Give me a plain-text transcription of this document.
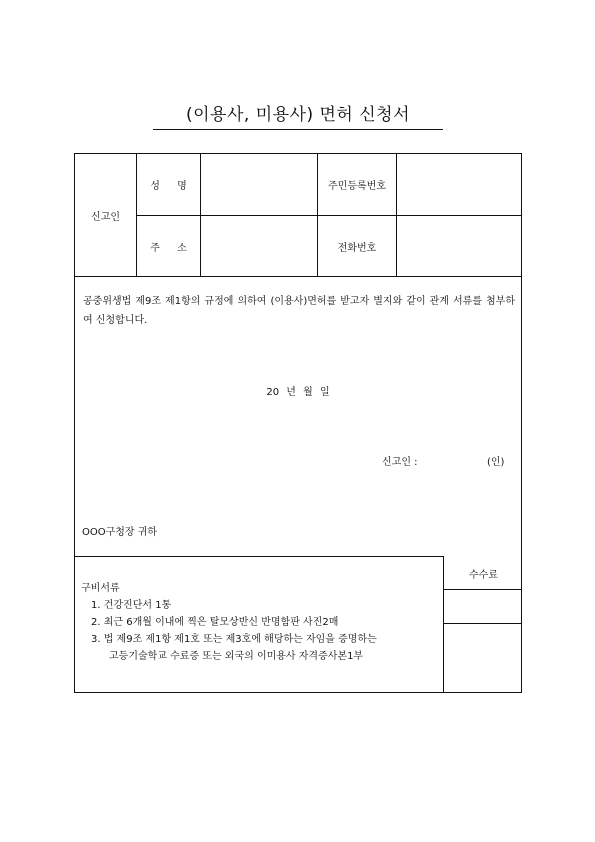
(이용사, 미용사) 면허 신청서
신고인
성 명	주민등록번호
주 소	전화번호
공중위생법 제9조 제1항의 규정에 의하여 (이용사)면허를 받고자 별지와 같이 관계 서류를 첨부하여 신청합니다.
20 년 월 일
신고인 :	(인)
OOO구청장 귀하
구비서류
1. 건강진단서 1통
2. 최근 6개월 이내에 찍은 탈모상반신 반명함판 사진2매
3. 법 제9조 제1항 제1호 또는 제3호에 해당하는 자임을 증명하는
고등기술학교 수료증 또는 외국의 이미용사 자격증사본1부
수수료
